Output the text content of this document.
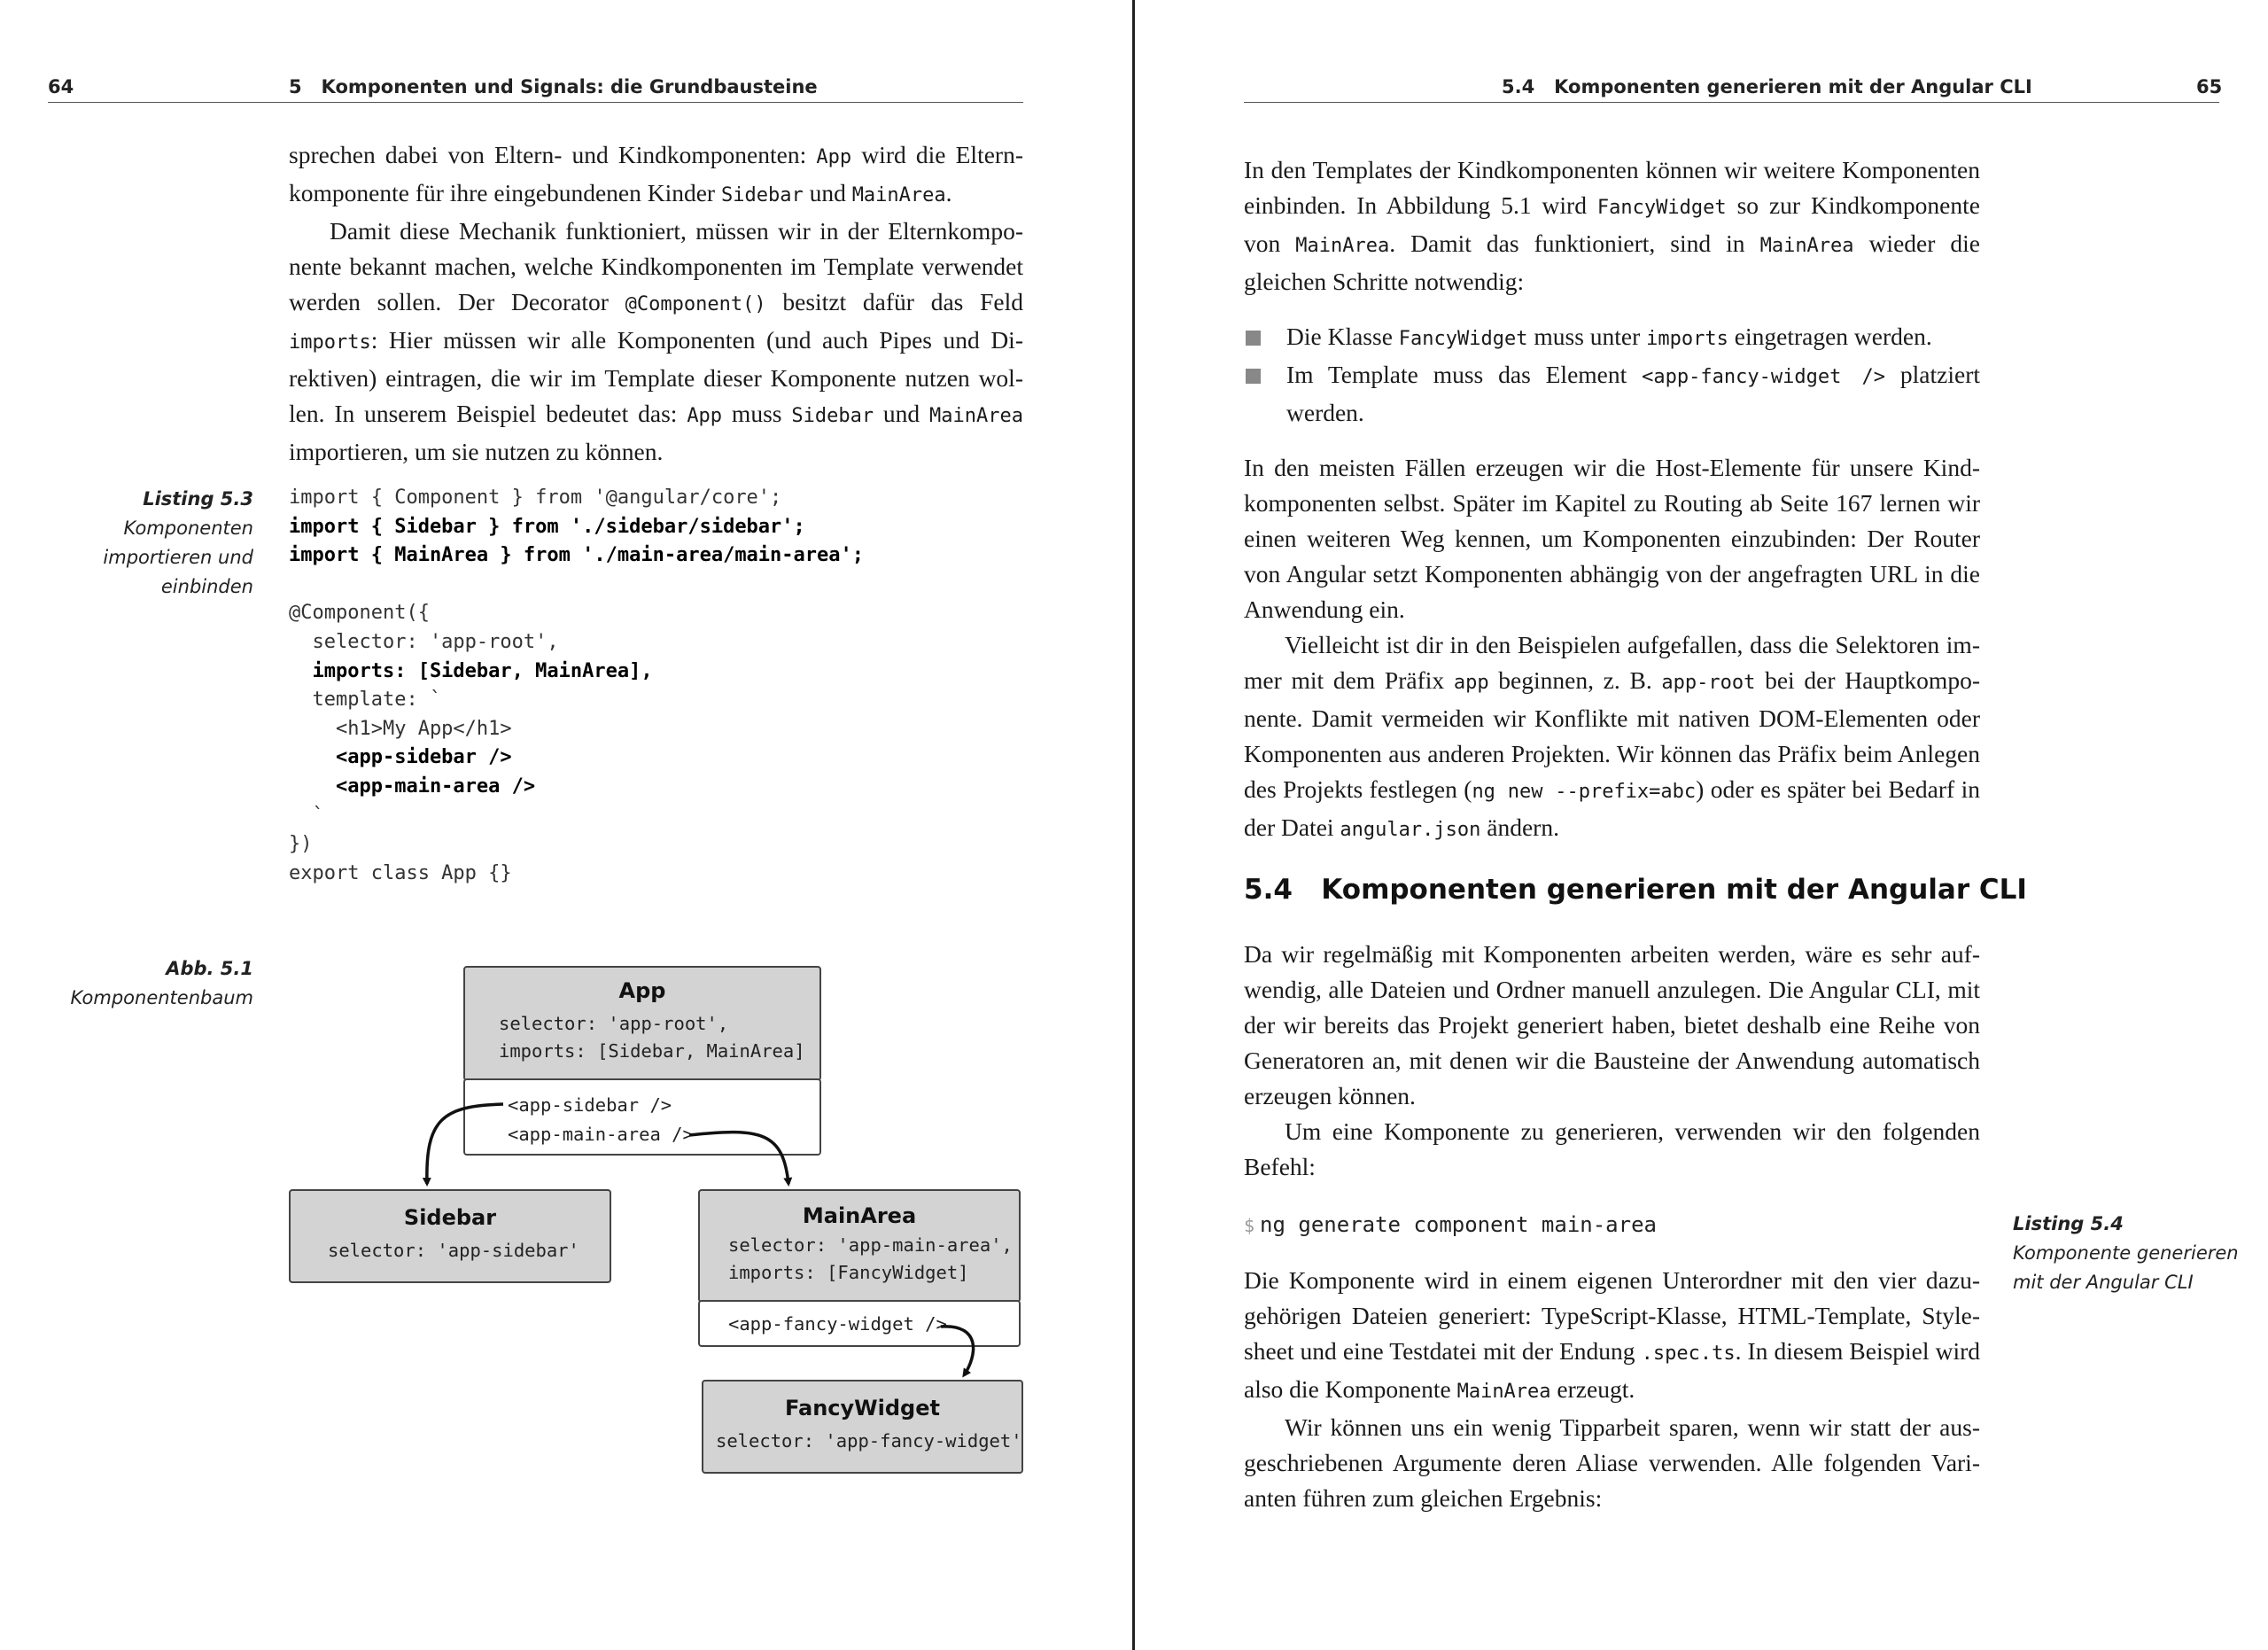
64	5   Komponenten und Signals: die Grundbausteine

sprechen dabei von Eltern- und Kindkomponenten: App wird die Elternkomponente für ihre eingebundenen Kinder Sidebar und MainArea.

Damit diese Mechanik funktioniert, müssen wir in der Elternkomponente bekannt machen, welche Kindkomponenten im Template verwendet werden sollen. Der Decorator @Component() besitzt dafür das Feld imports: Hier müssen wir alle Komponenten (und auch Pipes und Direktiven) eintragen, die wir im Template dieser Komponente nutzen wollen. In unserem Beispiel bedeutet das: App muss Sidebar und MainArea importieren, um sie nutzen zu können.

Listing 5.3
Komponenten importieren und einbinden
import { Component } from '@angular/core';
import { Sidebar } from './sidebar/sidebar';
import { MainArea } from './main-area/main-area';

@Component({
selector: 'app-root',
imports: [Sidebar, MainArea],
template: `
<h1>My App</h1>
<app-sidebar />
<app-main-area />
`
})
export class App {}
Abb. 5.1
Komponentenbaum	App
selector: 'app-root',
imports: [Sidebar, MainArea]
<app-sidebar />
<app-main-area />
Sidebar
selector: 'app-sidebar'
MainArea
selector: 'app-main-area',
imports: [FancyWidget]
<app-fancy-widget />
FancyWidget
selector: 'app-fancy-widget'
5.4   Komponenten generieren mit der Angular CLI	65

In den Templates der Kindkomponenten können wir weitere Komponenten einbinden. In Abbildung 5.1 wird FancyWidget so zur Kindkomponente von MainArea. Damit das funktioniert, sind in MainArea wieder die gleichen Schritte notwendig:

Die Klasse FancyWidget muss unter imports eingetragen werden.
Im Template muss das Element <app-fancy-widget /> platziert werden.

In den meisten Fällen erzeugen wir die Host-Elemente für unsere Kindkomponenten selbst. Später im Kapitel zu Routing ab Seite 167 lernen wir einen weiteren Weg kennen, um Komponenten einzubinden: Der Router von Angular setzt Komponenten abhängig von der angefragten URL in die Anwendung ein.

Vielleicht ist dir in den Beispielen aufgefallen, dass die Selektoren immer mit dem Präfix app beginnen, z. B. app-root bei der Hauptkomponente. Damit vermeiden wir Konflikte mit nativen DOM-Elementen oder Komponenten aus anderen Projekten. Wir können das Präfix beim Anlegen des Projekts festlegen (ng new --prefix=abc) oder es später bei Bedarf in der Datei angular.json ändern.

5.4   Komponenten generieren mit der Angular CLI

Da wir regelmäßig mit Komponenten arbeiten werden, wäre es sehr aufwendig, alle Dateien und Ordner manuell anzulegen. Die Angular CLI, mit der wir bereits das Projekt generiert haben, bietet deshalb eine Reihe von Generatoren an, mit denen wir die Bausteine der Anwendung automatisch erzeugen können.

Um eine Komponente zu generieren, verwenden wir den folgenden Befehl:

$ ng generate component main-area	Listing 5.4
Komponente generieren mit der Angular CLI

Die Komponente wird in einem eigenen Unterordner mit den vier dazugehörigen Dateien generiert: TypeScript-Klasse, HTML-Template, Stylesheet und eine Testdatei mit der Endung .spec.ts. In diesem Beispiel wird also die Komponente MainArea erzeugt.

Wir können uns ein wenig Tipparbeit sparen, wenn wir statt der ausgeschriebenen Argumente deren Aliase verwenden. Alle folgenden Varianten führen zum gleichen Ergebnis:
